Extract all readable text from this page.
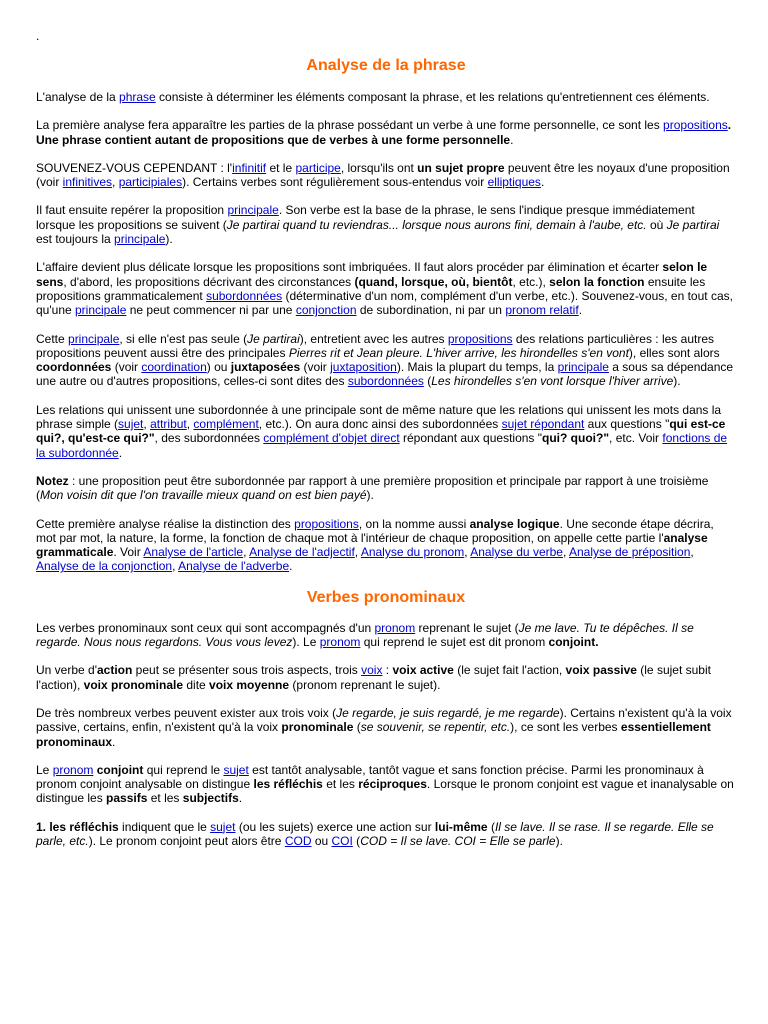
.
Analyse de la phrase

L'analyse de la phrase consiste à déterminer les éléments composant la phrase, et les relations qu'entretiennent ces éléments.

La première analyse fera apparaître les parties de la phrase possédant un verbe à une forme personnelle, ce sont les propositions. Une phrase contient autant de propositions que de verbes à une forme personnelle.

SOUVENEZ-VOUS CEPENDANT : l'infinitif et le participe, lorsqu'ils ont un sujet propre peuvent être les noyaux d'une proposition (voir infinitives, participiales). Certains verbes sont régulièrement sous-entendus voir elliptiques.

Il faut ensuite repérer la proposition principale. Son verbe est la base de la phrase, le sens l'indique presque immédiatement lorsque les propositions se suivent (Je partirai quand tu reviendras... lorsque nous aurons fini, demain à l'aube, etc. où Je partirai est toujours la principale).

L'affaire devient plus délicate lorsque les propositions sont imbriquées. Il faut alors procéder par élimination et écarter selon le sens, d'abord, les propositions décrivant des circonstances (quand, lorsque, où, bientôt, etc.), selon la fonction ensuite les propositions grammaticalement subordonnées (déterminative d'un nom, complément d'un verbe, etc.). Souvenez-vous, en tout cas, qu'une principale ne peut commencer ni par une conjonction de subordination, ni par un pronom relatif.

Cette principale, si elle n'est pas seule (Je partirai), entretient avec les autres propositions des relations particulières : les autres propositions peuvent aussi être des principales Pierres rit et Jean pleure. L'hiver arrive, les hirondelles s'en vont), elles sont alors coordonnées (voir coordination) ou juxtaposées (voir juxtaposition). Mais la plupart du temps, la principale a sous sa dépendance une autre ou d'autres propositions, celles-ci sont dites des subordonnées (Les hirondelles s'en vont lorsque l'hiver arrive).

Les relations qui unissent une subordonnée à une principale sont de même nature que les relations qui unissent les mots dans la phrase simple (sujet, attribut, complément, etc.). On aura donc ainsi des subordonnées sujet répondant aux questions "qui est-ce qui?, qu'est-ce qui?", des subordonnées complément d'objet direct répondant aux questions "qui? quoi?", etc. Voir fonctions de la subordonnée.

Notez : une proposition peut être subordonnée par rapport à une première proposition et principale par rapport à une troisième (Mon voisin dit que l'on travaille mieux quand on est bien payé).

Cette première analyse réalise la distinction des propositions, on la nomme aussi analyse logique. Une seconde étape décrira, mot par mot, la nature, la forme, la fonction de chaque mot à l'intérieur de chaque proposition, on appelle cette partie l'analyse grammaticale. Voir Analyse de l'article, Analyse de l'adjectif, Analyse du pronom, Analyse du verbe, Analyse de préposition, Analyse de la conjonction, Analyse de l'adverbe.

Verbes pronominaux

Les verbes pronominaux sont ceux qui sont accompagnés d'un pronom reprenant le sujet (Je me lave. Tu te dépêches. Il se regarde. Nous nous regardons. Vous vous levez). Le pronom qui reprend le sujet est dit pronom conjoint.

Un verbe d'action peut se présenter sous trois aspects, trois voix : voix active (le sujet fait l'action, voix passive (le sujet subit l'action), voix pronominale dite voix moyenne (pronom reprenant le sujet).

De très nombreux verbes peuvent exister aux trois voix (Je regarde, je suis regardé, je me regarde). Certains n'existent qu'à la voix passive, certains, enfin, n'existent qu'à la voix pronominale (se souvenir, se repentir, etc.), ce sont les verbes essentiellement pronominaux.

Le pronom conjoint qui reprend le sujet est tantôt analysable, tantôt vague et sans fonction précise. Parmi les pronominaux à pronom conjoint analysable on distingue les réfléchis et les réciproques. Lorsque le pronom conjoint est vague et inanalysable on distingue les passifs et les subjectifs.

1. les réfléchis indiquent que le sujet (ou les sujets) exerce une action sur lui-même (Il se lave. Il se rase. Il se regarde. Elle se parle, etc.). Le pronom conjoint peut alors être COD ou COI (COD = Il se lave. COI = Elle se parle).
